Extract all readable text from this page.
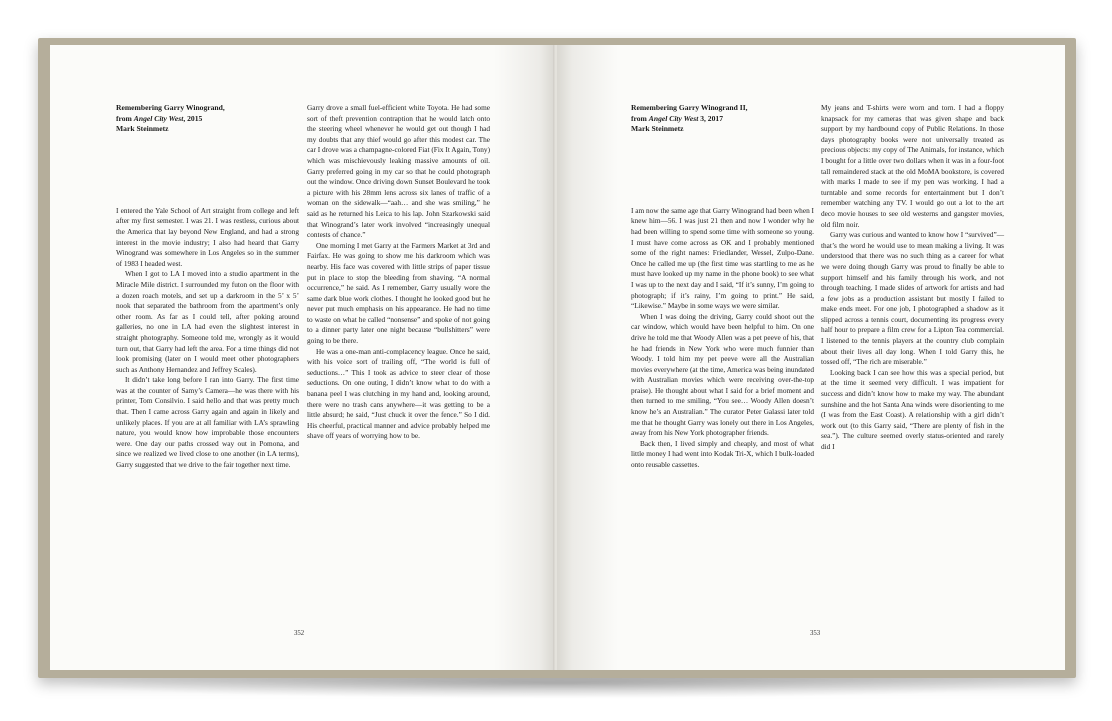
Remembering Garry Winogrand,
from Angel City West, 2015
Mark Steinmetz

I entered the Yale School of Art straight from college and left after my first semester. I was 21. I was restless, curious about the America that lay beyond New England, and had a strong interest in the movie industry; I also had heard that Garry Winogrand was somewhere in Los Angeles so in the summer of 1983 I headed west.

When I got to LA I moved into a studio apartment in the Miracle Mile district. I surrounded my futon on the floor with a dozen roach motels, and set up a darkroom in the 5’ x 5’ nook that separated the bathroom from the apartment’s only other room. As far as I could tell, after poking around galleries, no one in LA had even the slightest interest in straight photography. Someone told me, wrongly as it would turn out, that Garry had left the area. For a time things did not look promising (later on I would meet other photographers such as Anthony Hernandez and Jeffrey Scales).

It didn’t take long before I ran into Garry. The first time was at the counter of Samy’s Camera—he was there with his printer, Tom Consilvio. I said hello and that was pretty much that. Then I came across Garry again and again in likely and unlikely places. If you are at all familiar with LA’s sprawling nature, you would know how improbable those encounters were. One day our paths crossed way out in Pomona, and since we realized we lived close to one another (in LA terms), Garry suggested that we drive to the fair together next time.

Garry drove a small fuel-efficient white Toyota. He had some sort of theft prevention contraption that he would latch onto the steering wheel whenever he would get out though I had my doubts that any thief would go after this modest car. The car I drove was a champagne-colored Fiat (Fix It Again, Tony) which was mischievously leaking massive amounts of oil. Garry preferred going in my car so that he could photograph out the window. Once driving down Sunset Boulevard he took a picture with his 28mm lens across six lanes of traffic of a woman on the sidewalk—“aah… and she was smiling,” he said as he returned his Leica to his lap. John Szarkowski said that Winogrand’s later work involved “increasingly unequal contests of chance.”

One morning I met Garry at the Farmers Market at 3rd and Fairfax. He was going to show me his darkroom which was nearby. His face was covered with little strips of paper tissue put in place to stop the bleeding from shaving. “A normal occurrence,” he said. As I remember, Garry usually wore the same dark blue work clothes. I thought he looked good but he never put much emphasis on his appearance. He had no time to waste on what he called “nonsense” and spoke of not going to a dinner party later one night because “bullshitters” were going to be there.

He was a one-man anti-complacency league. Once he said, with his voice sort of trailing off, “The world is full of seductions…” This I took as advice to steer clear of those seductions. On one outing, I didn’t know what to do with a banana peel I was clutching in my hand and, looking around, there were no trash cans anywhere—it was getting to be a little absurd; he said, “Just chuck it over the fence.” So I did. His cheerful, practical manner and advice probably helped me shave off years of worrying how to be.

352
Remembering Garry Winogrand II,
from Angel City West 3, 2017
Mark Steinmetz

I am now the same age that Garry Winogrand had been when I knew him—56. I was just 21 then and now I wonder why he had been willing to spend some time with someone so young. I must have come across as OK and I probably mentioned some of the right names: Friedlander, Wessel, Zulpo-Dane. Once he called me up (the first time was startling to me as he must have looked up my name in the phone book) to see what I was up to the next day and I said, “If it’s sunny, I’m going to photograph; if it’s rainy, I’m going to print.” He said, “Likewise.” Maybe in some ways we were similar.

When I was doing the driving, Garry could shoot out the car window, which would have been helpful to him. On one drive he told me that Woody Allen was a pet peeve of his, that he had friends in New York who were much funnier than Woody. I told him my pet peeve were all the Australian movies everywhere (at the time, America was being inundated with Australian movies which were receiving over-the-top praise). He thought about what I said for a brief moment and then turned to me smiling, “You see… Woody Allen doesn’t know he’s an Australian.” The curator Peter Galassi later told me that he thought Garry was lonely out there in Los Angeles, away from his New York photographer friends.

Back then, I lived simply and cheaply, and most of what little money I had went into Kodak Tri-X, which I bulk-loaded onto reusable cassettes.

My jeans and T-shirts were worn and torn. I had a floppy knapsack for my cameras that was given shape and back support by my hardbound copy of Public Relations. In those days photography books were not universally treated as precious objects: my copy of The Animals, for instance, which I bought for a little over two dollars when it was in a four-foot tall remaindered stack at the old MoMA bookstore, is covered with marks I made to see if my pen was working. I had a turntable and some records for entertainment but I don’t remember watching any TV. I would go out a lot to the art deco movie houses to see old westerns and gangster movies, old film noir.

Garry was curious and wanted to know how I “survived”—that’s the word he would use to mean making a living. It was understood that there was no such thing as a career for what we were doing though Garry was proud to finally be able to support himself and his family through his work, and not through teaching. I made slides of artwork for artists and had a few jobs as a production assistant but mostly I failed to make ends meet. For one job, I photographed a shadow as it slipped across a tennis court, documenting its progress every half hour to prepare a film crew for a Lipton Tea commercial. I listened to the tennis players at the country club complain about their lives all day long. When I told Garry this, he tossed off, “The rich are miserable.”

Looking back I can see how this was a special period, but at the time it seemed very difficult. I was impatient for success and didn’t know how to make my way. The abundant sunshine and the hot Santa Ana winds were disorienting to me (I was from the East Coast). A relationship with a girl didn’t work out (to this Garry said, “There are plenty of fish in the sea.”). The culture seemed overly status-oriented and rarely did I

353
